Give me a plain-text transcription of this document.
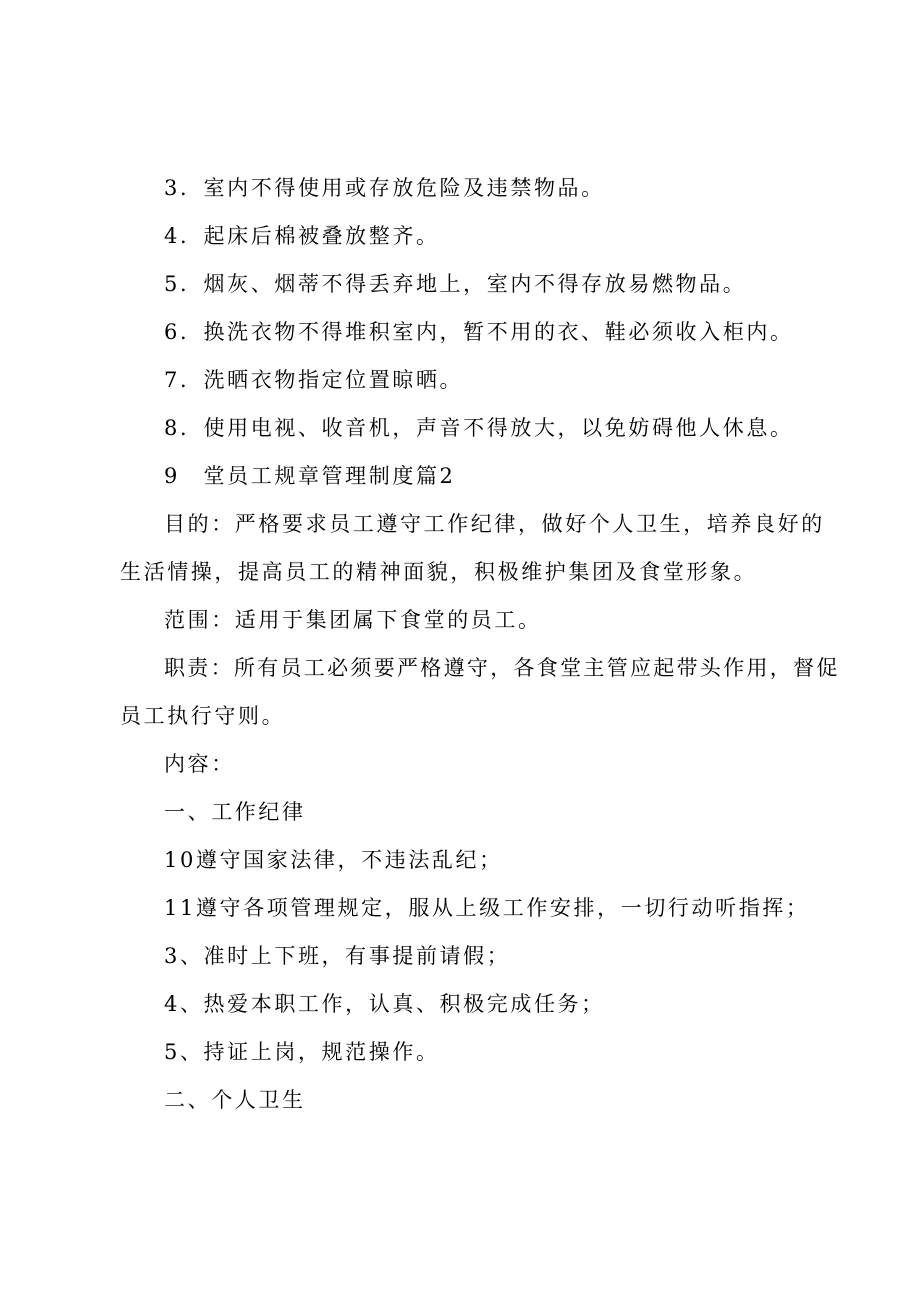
3．室内不得使用或存放危险及违禁物品。

4．起床后棉被叠放整齐。

5．烟灰、烟蒂不得丢弃地上，室内不得存放易燃物品。

6．换洗衣物不得堆积室内，暂不用的衣、鞋必须收入柜内。

7．洗晒衣物指定位置晾晒。

8．使用电视、收音机，声音不得放大，以免妨碍他人休息。

9　堂员工规章管理制度篇2

目的：严格要求员工遵守工作纪律，做好个人卫生，培养良好的

生活情操，提高员工的精神面貌，积极维护集团及食堂形象。

范围：适用于集团属下食堂的员工。

职责：所有员工必须要严格遵守，各食堂主管应起带头作用，督促

员工执行守则。

内容：

一、工作纪律

10遵守国家法律，不违法乱纪；

11遵守各项管理规定，服从上级工作安排，一切行动听指挥；

3、准时上下班，有事提前请假；

4、热爱本职工作，认真、积极完成任务；

5、持证上岗，规范操作。

二、个人卫生
